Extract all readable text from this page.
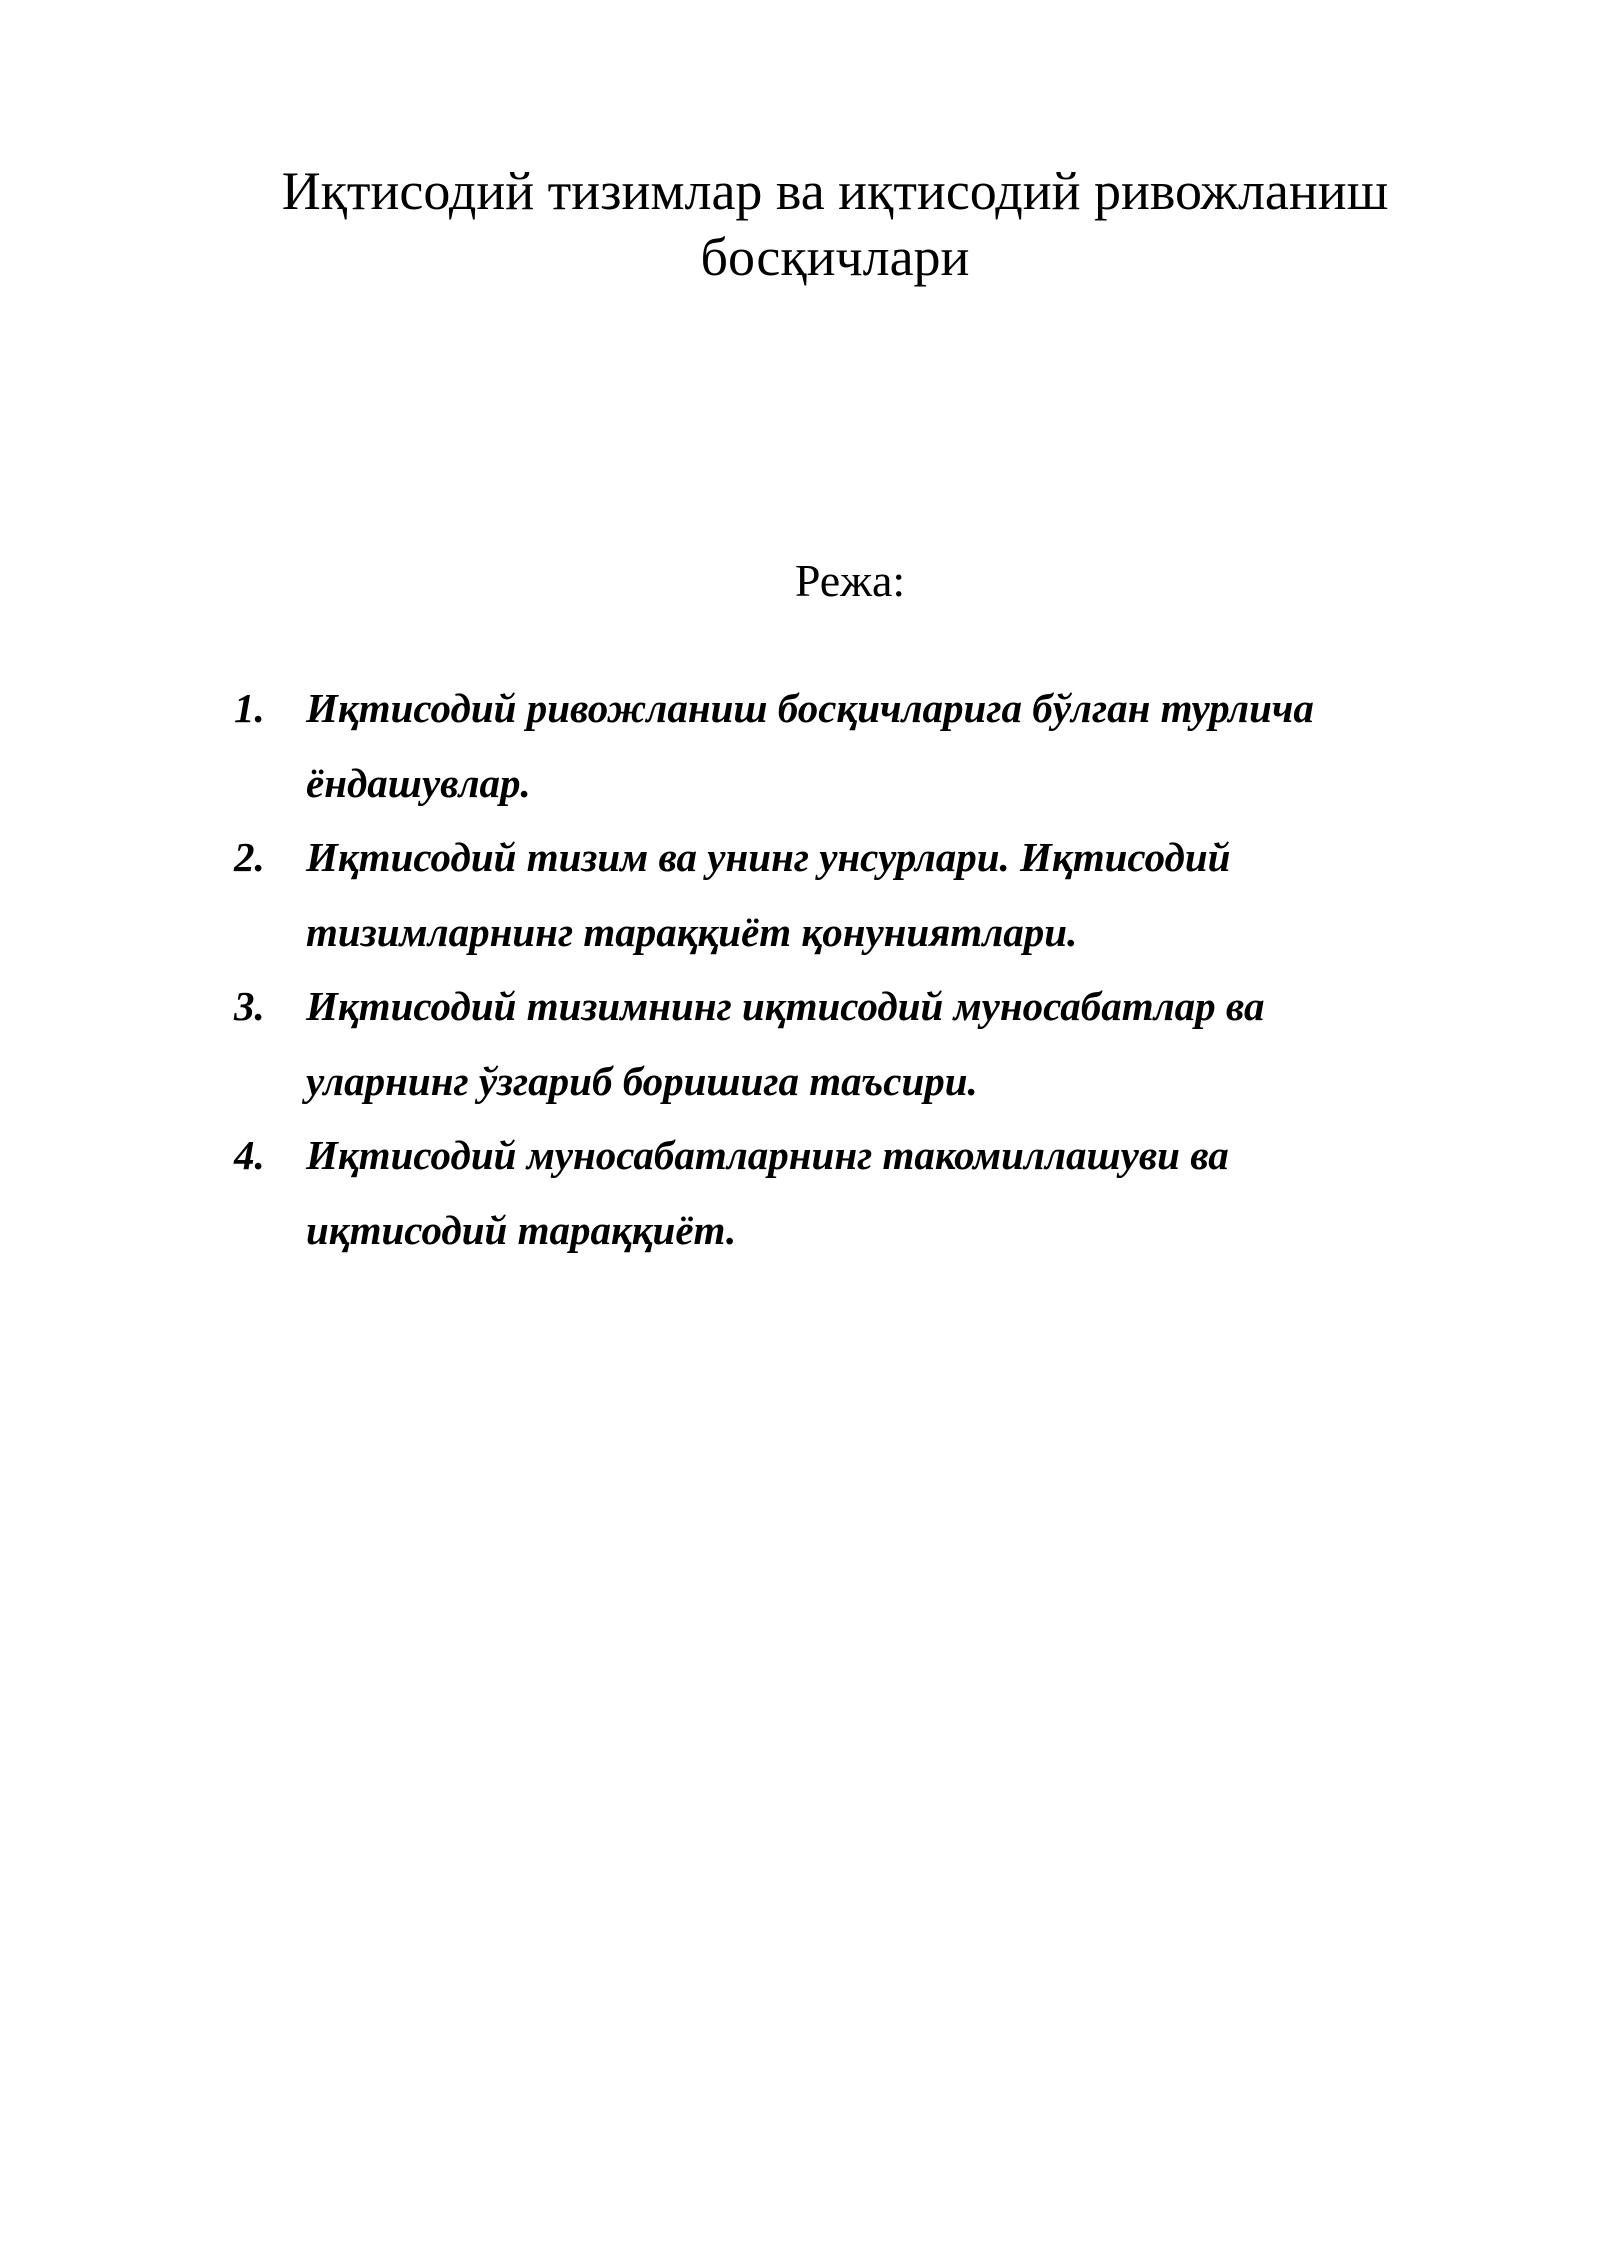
Иқтисодий тизимлар ва иқтисодий ривожланиш босқичлари
Режа:
1. Иқтисодий ривожланиш босқичларига бўлган турлича ёндашувлар.
2. Иқтисодий тизим ва унинг унсурлари. Иқтисодий тизимларнинг тараққиёт қонуниятлари.
3. Иқтисодий тизимнинг иқтисодий муносабатлар ва уларнинг ўзгариб боришига таъсири.
4. Иқтисодий муносабатларнинг такомиллашуви ва иқтисодий тараққиёт.
